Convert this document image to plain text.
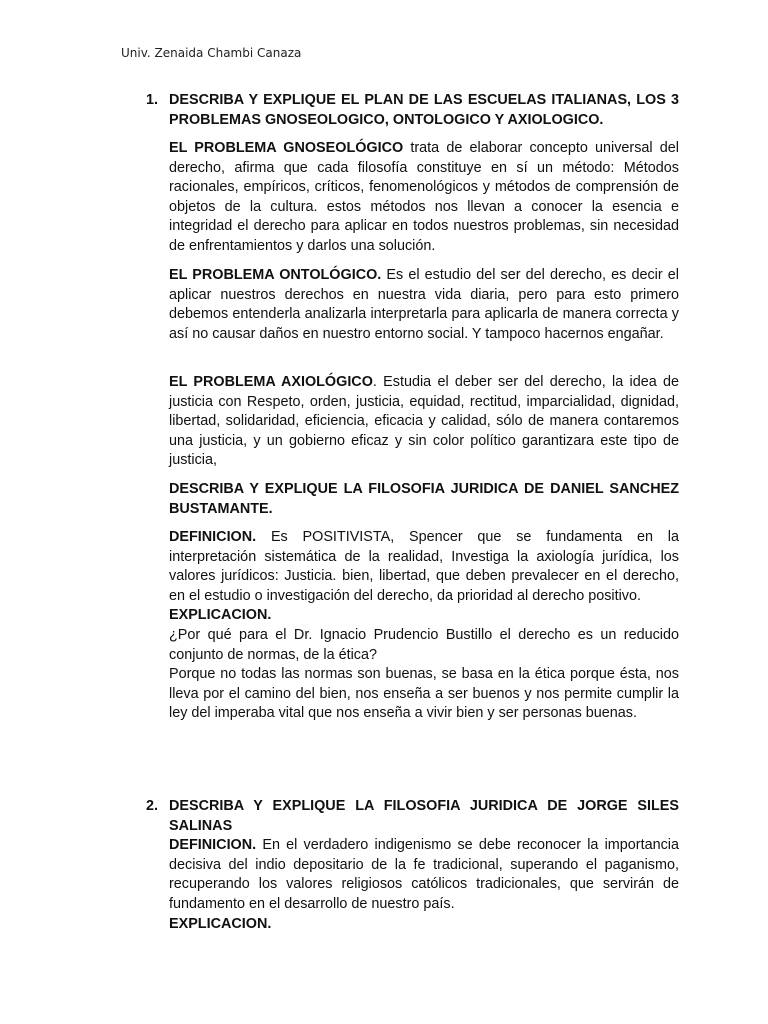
Univ. Zenaida Chambi Canaza
1. DESCRIBA Y EXPLIQUE EL PLAN DE LAS ESCUELAS ITALIANAS, LOS 3 PROBLEMAS GNOSEOLOGICO, ONTOLOGICO Y AXIOLOGICO.

EL PROBLEMA GNOSEOLÓGICO trata de elaborar concepto universal del derecho, afirma que cada filosofía constituye en sí un método: Métodos racionales, empíricos, críticos, fenomenológicos y métodos de comprensión de objetos de la cultura. estos métodos nos llevan a conocer la esencia e integridad el derecho para aplicar en todos nuestros problemas, sin necesidad de enfrentamientos y darlos una solución.

EL PROBLEMA ONTOLÓGICO. Es el estudio del ser del derecho, es decir el aplicar nuestros derechos en nuestra vida diaria, pero para esto primero debemos entenderla analizarla interpretarla para aplicarla de manera correcta y así no causar daños en nuestro entorno social. Y tampoco hacernos engañar.

EL PROBLEMA AXIOLÓGICO. Estudia el deber ser del derecho, la idea de justicia con Respeto, orden, justicia, equidad, rectitud, imparcialidad, dignidad, libertad, solidaridad, eficiencia, eficacia y calidad, sólo de manera contaremos una justicia, y un gobierno eficaz y sin color político garantizara este tipo de justicia,

DESCRIBA Y EXPLIQUE LA FILOSOFIA JURIDICA DE DANIEL SANCHEZ BUSTAMANTE.

DEFINICION. Es POSITIVISTA, Spencer que se fundamenta en la interpretación sistemática de la realidad, Investiga la axiología jurídica, los valores jurídicos: Justicia. bien, libertad, que deben prevalecer en el derecho, en el estudio o investigación del derecho, da prioridad al derecho positivo.

EXPLICACION.

¿Por qué para el Dr. Ignacio Prudencio Bustillo el derecho es un reducido conjunto de normas, de la ética?

Porque no todas las normas son buenas, se basa en la ética porque ésta, nos lleva por el camino del bien, nos enseña a ser buenos y nos permite cumplir la ley del imperaba vital que nos enseña a vivir bien y ser personas buenas.

2. DESCRIBA Y EXPLIQUE LA FILOSOFIA JURIDICA DE JORGE SILES SALINAS

DEFINICION. En el verdadero indigenismo se debe reconocer la importancia decisiva del indio depositario de la fe tradicional, superando el paganismo, recuperando los valores religiosos católicos tradicionales, que servirán de fundamento en el desarrollo de nuestro país.

EXPLICACION.
